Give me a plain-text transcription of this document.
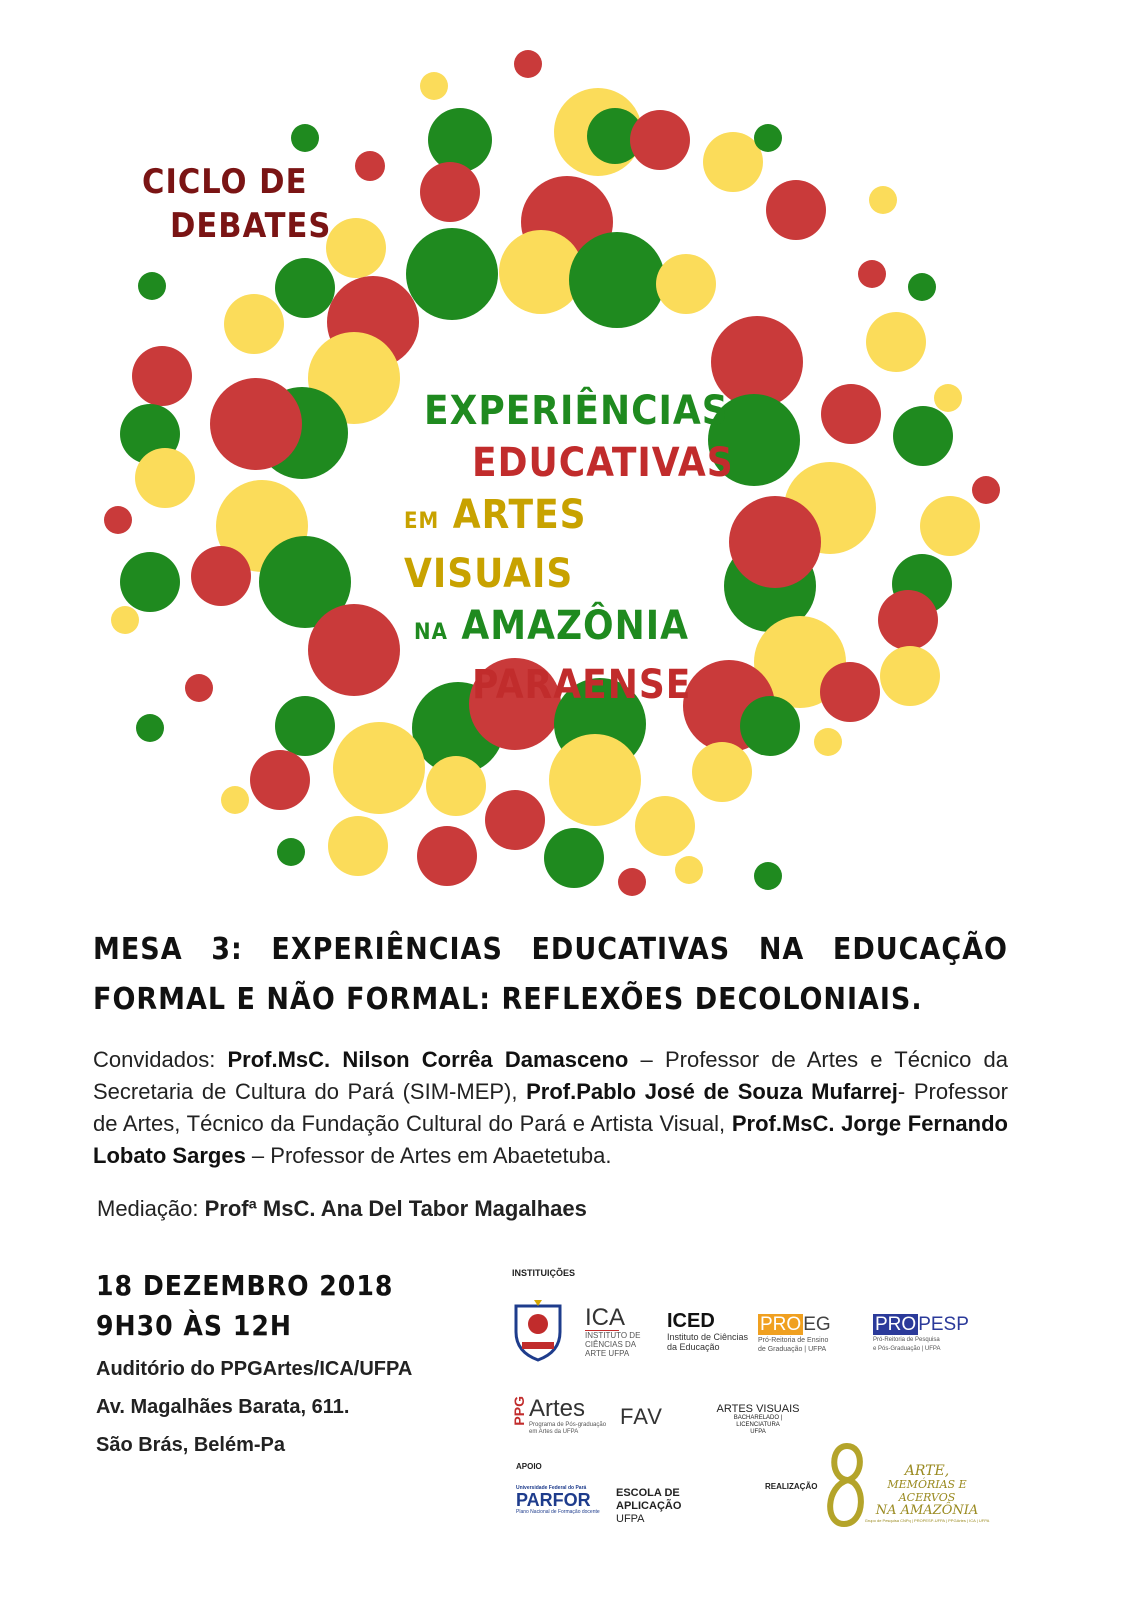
CICLO DE
DEBATES
EXPERIÊNCIAS
EDUCATIVAS
EM ARTES VISUAIS
NA AMAZÔNIA
PARAENSE
MESA 3: EXPERIÊNCIAS EDUCATIVAS NA EDUCAÇÃO FORMAL E NÃO FORMAL: REFLEXÕES DECOLONIAIS.
Convidados: Prof.MsC. Nilson Corrêa Damasceno – Professor de Artes e Técnico da Secretaria de Cultura do Pará (SIM-MEP), Prof.Pablo José de Souza Mufarrej- Professor de Artes, Técnico da Fundação Cultural do Pará e Artista Visual, Prof.MsC. Jorge Fernando Lobato Sarges – Professor de Artes em Abaetetuba.
Mediação: Profª MsC. Ana Del Tabor Magalhaes
18 DEZEMBRO 2018
9H30 ÀS 12H
Auditório do PPGArtes/ICA/UFPA
Av. Magalhães Barata, 611.
São Brás, Belém-Pa
INSTITUIÇÕES
ICA
INSTITUTO DE
CIÊNCIAS DA
ARTE UFPA
ICED
Instituto de Ciências
da Educação
PRO EG
Pró-Reitoria de Ensino
de Graduação | UFPA
PRO PESP
Pró-Reitoria de Pesquisa
e Pós-Graduação | UFPA
PPG Artes
Programa de Pós-graduação
em Artes da UFPA
FAV	ARTES VISUAIS
BACHARELADO | LICENCIATURA
UFPA
APOIO
Universidade Federal do Pará
PARFOR
Plano Nacional de Formação docente
ESCOLA DE
APLICAÇÃO
UFPA
REALIZAÇÃO
ARTE,
MEMÓRIAS E ACERVOS
NA AMAZÔNIA
Grupo de Pesquisa CNPq | PROPESP-UFPA | PPGArtes | ICA | UFPA
